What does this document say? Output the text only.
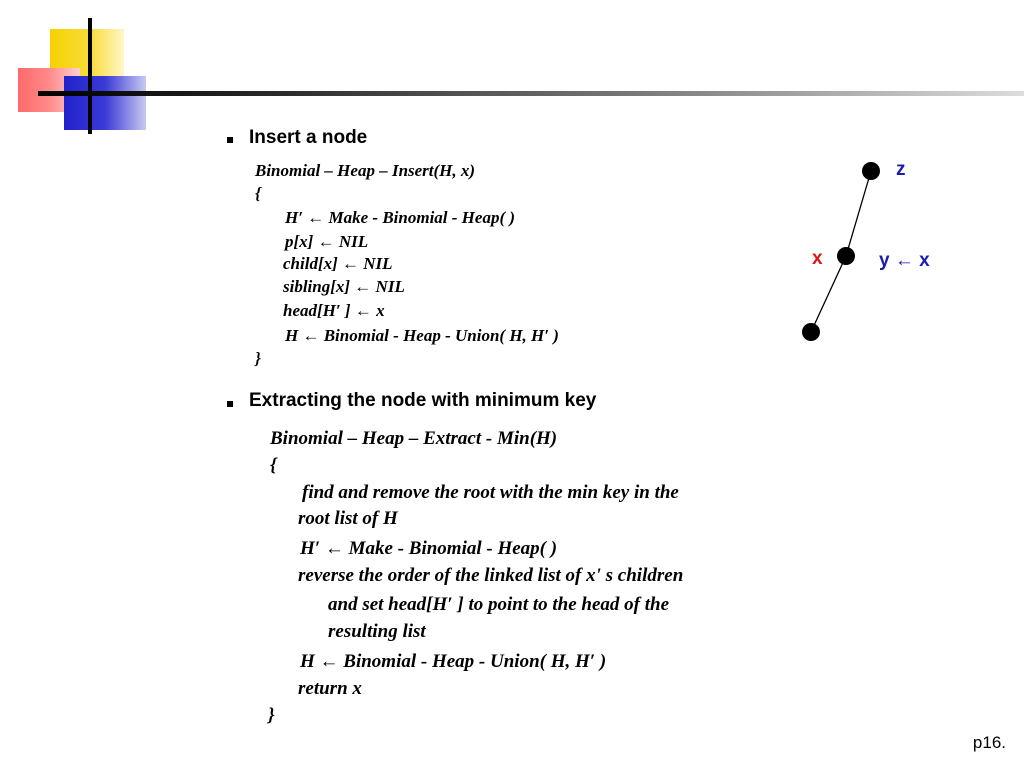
Insert a node
Binomial – Heap – Insert(H, x)
{
H′ ← Make - Binomial - Heap( )
p[x] ← NIL
child[x] ← NIL
sibling[x] ← NIL
head[H′ ] ← x
H ← Binomial - Heap - Union( H, H′ )
}
z
x	y ← x
Extracting the node with minimum key
Binomial – Heap – Extract - Min(H)
{
find and remove the root with the min key in the
root list of H
H′ ← Make - Binomial - Heap( )
reverse the order of the linked list of x' s children
and set head[H′ ] to point to the head of the
resulting list
H ← Binomial - Heap - Union( H, H′ )
return x
}
p16.
